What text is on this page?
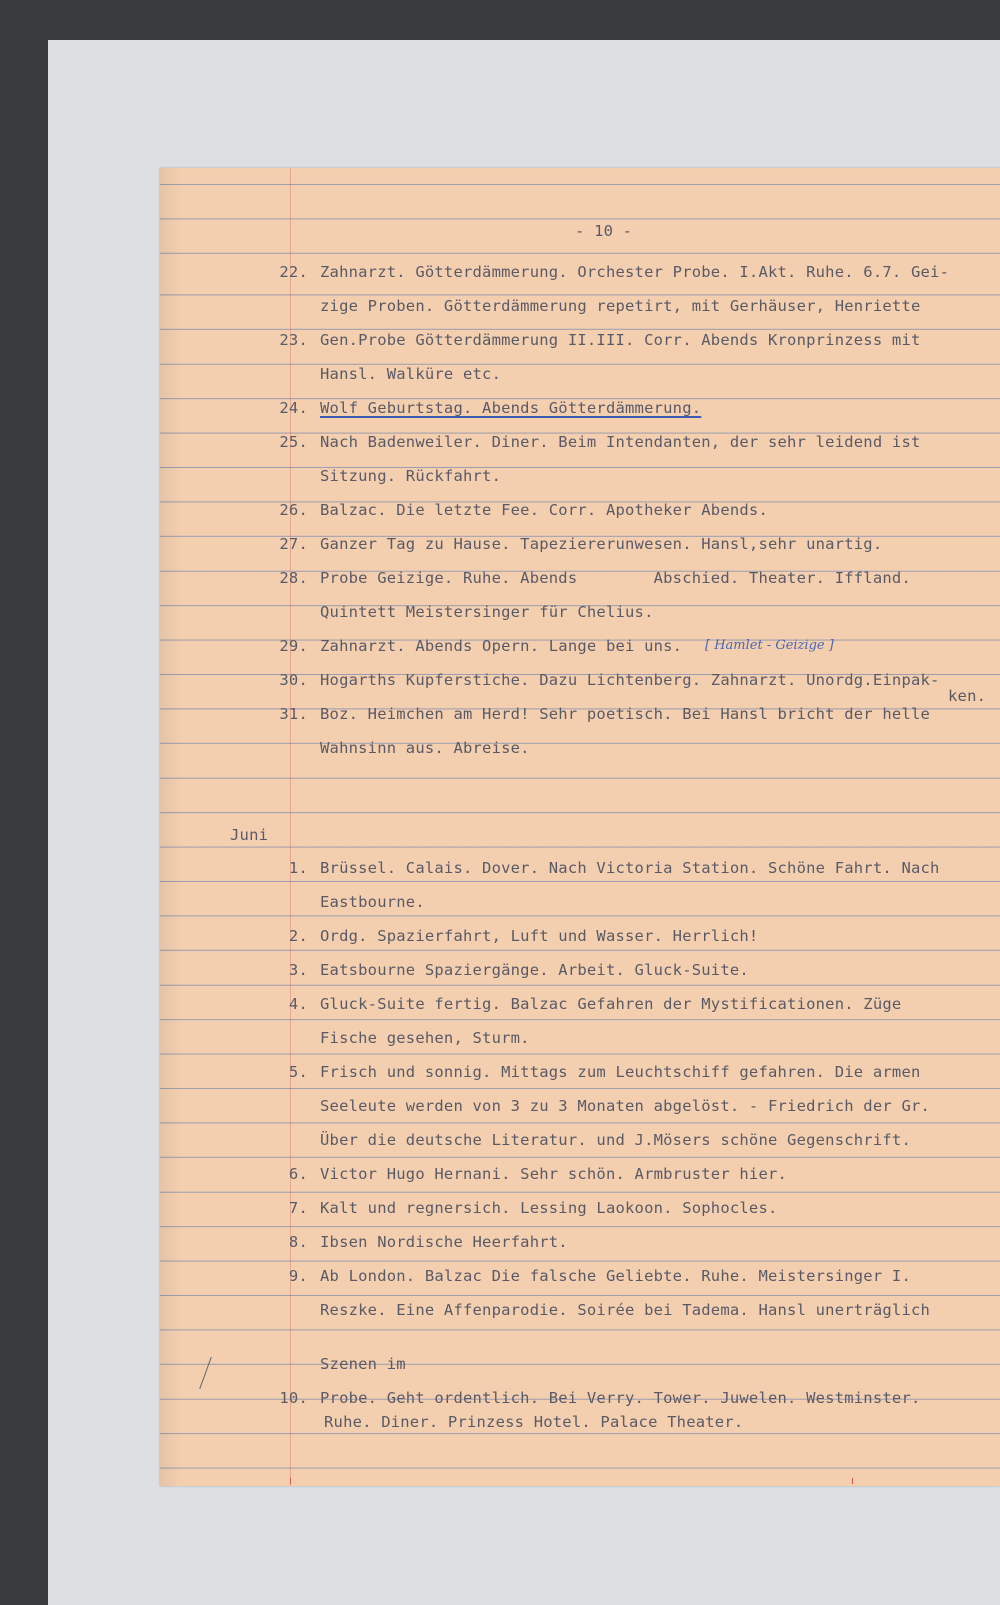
- 10 -
22. Zahnarzt. Götterdämmerung. Orchester Probe. I.Akt. Ruhe. 6.7. Gei-
zige Proben. Götterdämmerung repetirt, mit Gerhäuser, Henriette
23. Gen.Probe Götterdämmerung II.III. Corr. Abends Kronprinzess mit
Hansl. Walküre etc.
24. Wolf Geburtstag. Abends Götterdämmerung.
25. Nach Badenweiler. Diner. Beim Intendanten, der sehr leidend ist
Sitzung. Rückfahrt.
26. Balzac. Die letzte Fee. Corr. Apotheker Abends.
27. Ganzer Tag zu Hause. Tapeziererunwesen. Hansl,sehr unartig.
28. Probe Geizige. Ruhe. Abends        Abschied. Theater. Iffland.
Quintett Meistersinger für Chelius.
29. Zahnarzt. Abends Opern. Lange bei uns. [ Hamlet - Geizige ]
30. Hogarths Kupferstiche. Dazu Lichtenberg. Zahnarzt. Unordg.Einpak-
ken.
31. Boz. Heimchen am Herd! Sehr poetisch. Bei Hansl bricht der helle
Wahnsinn aus. Abreise.
Juni
1. Brüssel. Calais. Dover. Nach Victoria Station. Schöne Fahrt. Nach
Eastbourne.
2. Ordg. Spazierfahrt, Luft und Wasser. Herrlich!
3. Eatsbourne Spaziergänge. Arbeit. Gluck-Suite.
4. Gluck-Suite fertig. Balzac Gefahren der Mystificationen. Züge
Fische gesehen, Sturm.
5. Frisch und sonnig. Mittags zum Leuchtschiff gefahren. Die armen
Seeleute werden von 3 zu 3 Monaten abgelöst. - Friedrich der Gr.
Über die deutsche Literatur. und J.Mösers schöne Gegenschrift.
6. Victor Hugo Hernani. Sehr schön. Armbruster hier.
7. Kalt und regnersich. Lessing Laokoon. Sophocles.
8. Ibsen Nordische Heerfahrt.
9. Ab London. Balzac Die falsche Geliebte. Ruhe. Meistersinger I.
Reszke. Eine Affenparodie. Soirée bei Tadema. Hansl unerträglich
Szenen im
10. Probe. Geht ordentlich. Bei Verry. Tower. Juwelen. Westminster.
Ruhe. Diner. Prinzess Hotel. Palace Theater.
